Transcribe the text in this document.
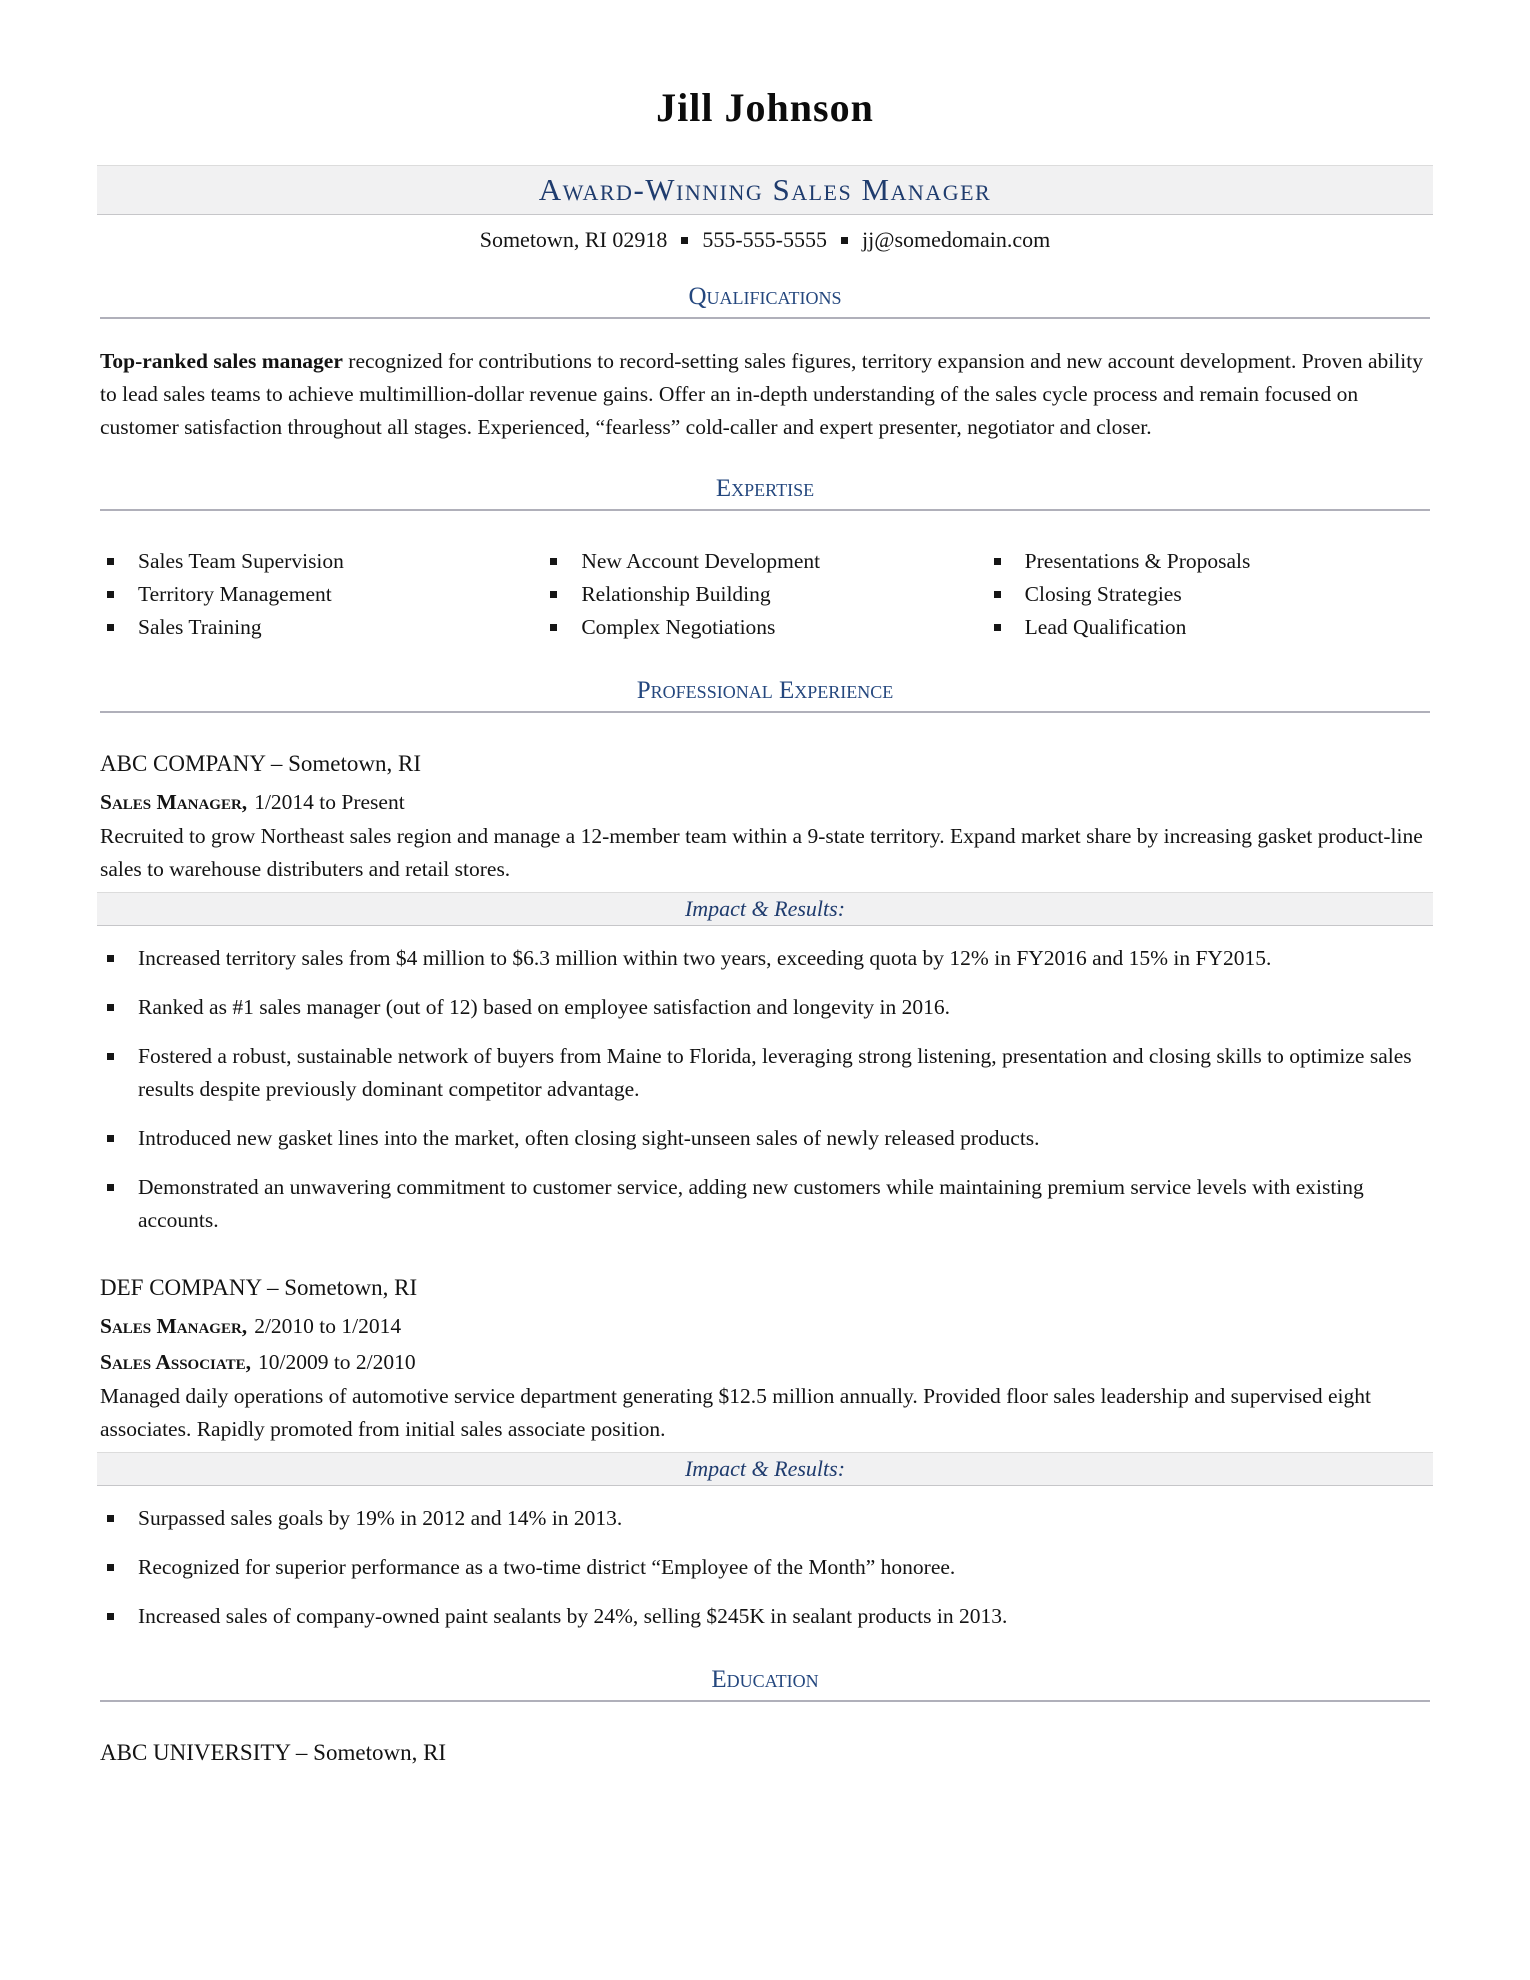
Jill Johnson
Award-Winning Sales Manager
Sometown, RI 02918 555-555-5555 jj@somedomain.com
Qualifications

Top-ranked sales manager recognized for contributions to record-setting sales figures, territory expansion and new account development. Proven ability to lead sales teams to achieve multimillion-dollar revenue gains. Offer an in-depth understanding of the sales cycle process and remain focused on customer satisfaction throughout all stages. Experienced, “fearless” cold-caller and expert presenter, negotiator and closer.

Expertise
Sales Team Supervision	New Account Development	Presentations & Proposals
Territory Management	Relationship Building	Closing Strategies
Sales Training	Complex Negotiations	Lead Qualification
Professional Experience
ABC COMPANY – Sometown, RI
Sales Manager, 1/2014 to Present

Recruited to grow Northeast sales region and manage a 12-member team within a 9-state territory. Expand market share by increasing gasket product-line sales to warehouse distributers and retail stores.

Impact & Results:
Increased territory sales from $4 million to $6.3 million within two years, exceeding quota by 12% in FY2016 and 15% in FY2015.
Ranked as #1 sales manager (out of 12) based on employee satisfaction and longevity in 2016.
Fostered a robust, sustainable network of buyers from Maine to Florida, leveraging strong listening, presentation and closing skills to optimize sales results despite previously dominant competitor advantage.
Introduced new gasket lines into the market, often closing sight-unseen sales of newly released products.
Demonstrated an unwavering commitment to customer service, adding new customers while maintaining premium service levels with existing accounts.
DEF COMPANY – Sometown, RI
Sales Manager, 2/2010 to 1/2014
Sales Associate, 10/2009 to 2/2010

Managed daily operations of automotive service department generating $12.5 million annually. Provided floor sales leadership and supervised eight associates. Rapidly promoted from initial sales associate position.

Impact & Results:
Surpassed sales goals by 19% in 2012 and 14% in 2013.
Recognized for superior performance as a two-time district “Employee of the Month” honoree.
Increased sales of company-owned paint sealants by 24%, selling $245K in sealant products in 2013.
Education
ABC UNIVERSITY – Sometown, RI
